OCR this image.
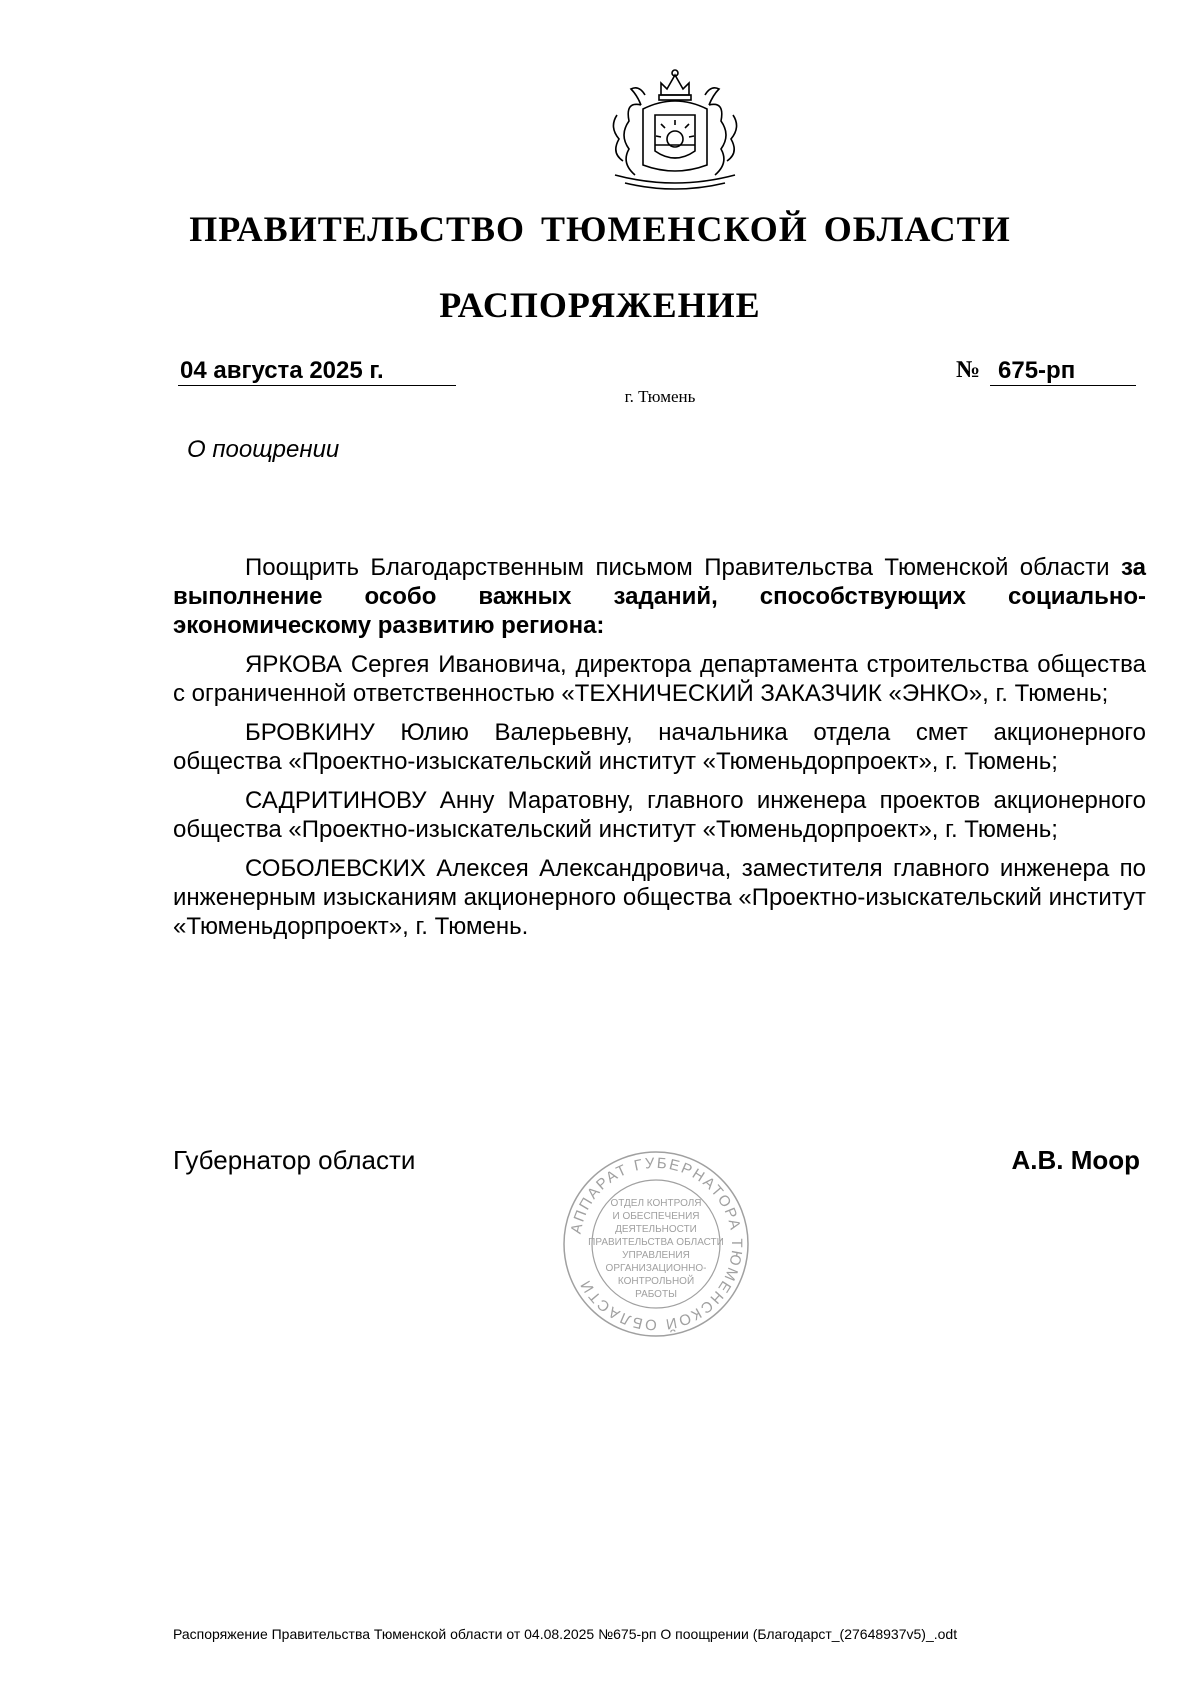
ПРАВИТЕЛЬСТВО ТЮМЕНСКОЙ ОБЛАСТИ
РАСПОРЯЖЕНИЕ
04 августа 2025 г.	№ 675-рп
г. Тюмень
О поощрении

Поощрить Благодарственным письмом Правительства Тюменской области за выполнение особо важных заданий, способствующих социально-экономическому развитию региона:

ЯРКОВА Сергея Ивановича, директора департамента строительства общества с ограниченной ответственностью «ТЕХНИЧЕСКИЙ ЗАКАЗЧИК «ЭНКО», г. Тюмень;

БРОВКИНУ Юлию Валерьевну, начальника отдела смет акционерного общества «Проектно-изыскательский институт «Тюменьдорпроект», г. Тюмень;

САДРИТИНОВУ Анну Маратовну, главного инженера проектов акционерного общества «Проектно-изыскательский институт «Тюменьдорпроект», г. Тюмень;

СОБОЛЕВСКИХ Алексея Александровича, заместителя главного инженера по инженерным изысканиям акционерного общества «Проектно-изыскательский институт «Тюменьдорпроект», г. Тюмень.

Губернатор области	А.В. Моор
АППАРАТ ГУБЕРНАТОРА ТЮМЕНСКОЙ ОБЛАСТИ
ОТДЕЛ КОНТРОЛЯ
И ОБЕСПЕЧЕНИЯ
ДЕЯТЕЛЬНОСТИ
ПРАВИТЕЛЬСТВА ОБЛАСТИ
УПРАВЛЕНИЯ
ОРГАНИЗАЦИОННО-
КОНТРОЛЬНОЙ
РАБОТЫ
Распоряжение Правительства Тюменской области от 04.08.2025 №675-рп О поощрении (Благодарст_(27648937v5)_.odt
